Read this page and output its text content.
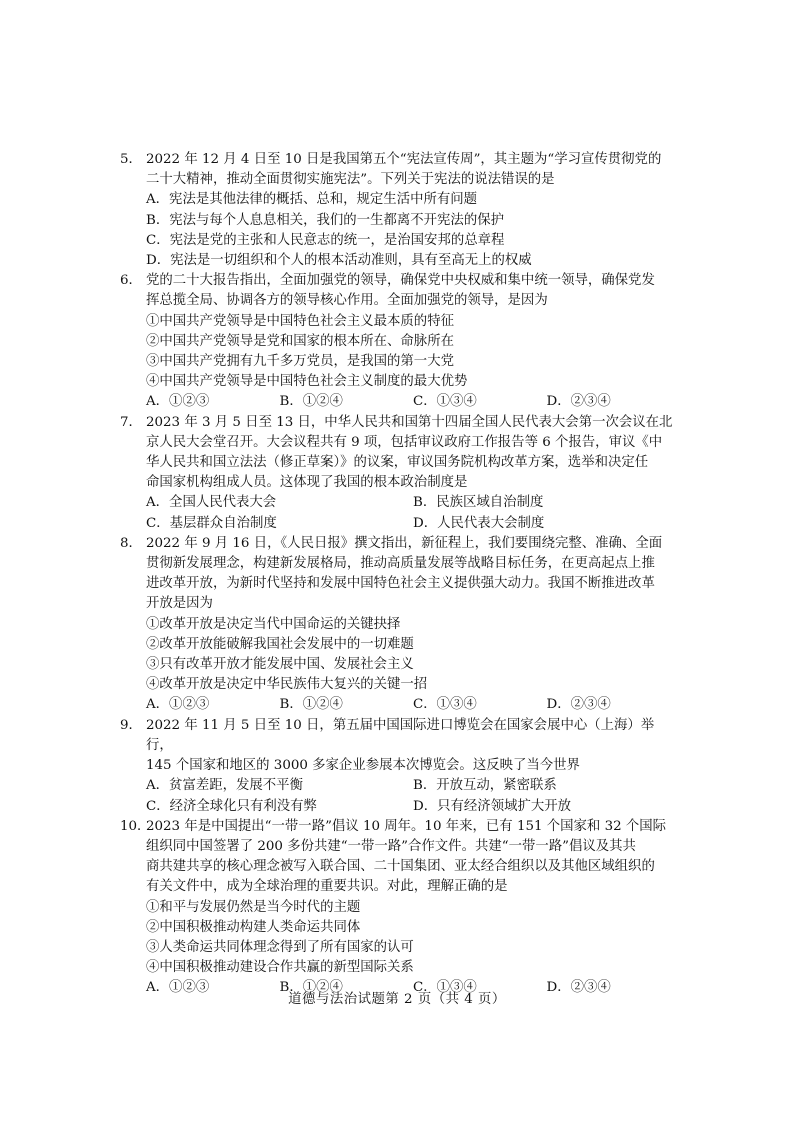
5． 2022 年 12 月 4 日至 10 日是我国第五个“宪法宣传周”，其主题为“学习宣传贯彻党的
二十大精神，推动全面贯彻实施宪法”。下列关于宪法的说法错误的是
A．宪法是其他法律的概括、总和，规定生活中所有问题
B．宪法与每个人息息相关，我们的一生都离不开宪法的保护
C．宪法是党的主张和人民意志的统一，是治国安邦的总章程
D．宪法是一切组织和个人的根本活动准则，具有至高无上的权威
6． 党的二十大报告指出，全面加强党的领导，确保党中央权威和集中统一领导，确保党发
挥总揽全局、协调各方的领导核心作用。全面加强党的领导，是因为
①中国共产党领导是中国特色社会主义最本质的特征
②中国共产党领导是党和国家的根本所在、命脉所在
③中国共产党拥有九千多万党员，是我国的第一大党
④中国共产党领导是中国特色社会主义制度的最大优势
A．①②③	B．①②④	C．①③④	D．②③④
7． 2023 年 3 月 5 日至 13 日，中华人民共和国第十四届全国人民代表大会第一次会议在北
京人民大会堂召开。大会议程共有 9 项，包括审议政府工作报告等 6 个报告，审议《中
华人民共和国立法法（修正草案）》的议案，审议国务院机构改革方案，选举和决定任
命国家机构组成人员。这体现了我国的根本政治制度是
A．全国人民代表大会	B．民族区域自治制度
C．基层群众自治制度	D．人民代表大会制度
8． 2022 年 9 月 16 日，《人民日报》撰文指出，新征程上，我们要围绕完整、准确、全面
贯彻新发展理念，构建新发展格局，推动高质量发展等战略目标任务，在更高起点上推
进改革开放，为新时代坚持和发展中国特色社会主义提供强大动力。我国不断推进改革
开放是因为
①改革开放是决定当代中国命运的关键抉择
②改革开放能破解我国社会发展中的一切难题
③只有改革开放才能发展中国、发展社会主义
④改革开放是决定中华民族伟大复兴的关键一招
A．①②③	B．①②④	C．①③④	D．②③④
9． 2022 年 11 月 5 日至 10 日，第五届中国国际进口博览会在国家会展中心（上海）举行，
145 个国家和地区的 3000 多家企业参展本次博览会。这反映了当今世界
A．贫富差距，发展不平衡	B．开放互动，紧密联系
C．经济全球化只有利没有弊	D．只有经济领域扩大开放
10．2023 年是中国提出“一带一路”倡议 10 周年。10 年来，已有 151 个国家和 32 个国际
组织同中国签署了 200 多份共建“一带一路”合作文件。共建“一带一路”倡议及其共
商共建共享的核心理念被写入联合国、二十国集团、亚太经合组织以及其他区域组织的
有关文件中，成为全球治理的重要共识。对此，理解正确的是
①和平与发展仍然是当今时代的主题
②中国积极推动构建人类命运共同体
③人类命运共同体理念得到了所有国家的认可
④中国积极推动建设合作共赢的新型国际关系
A．①②③	B．①②④	C．①③④	D．②③④
道德与法治试题第 2 页（共 4 页）
